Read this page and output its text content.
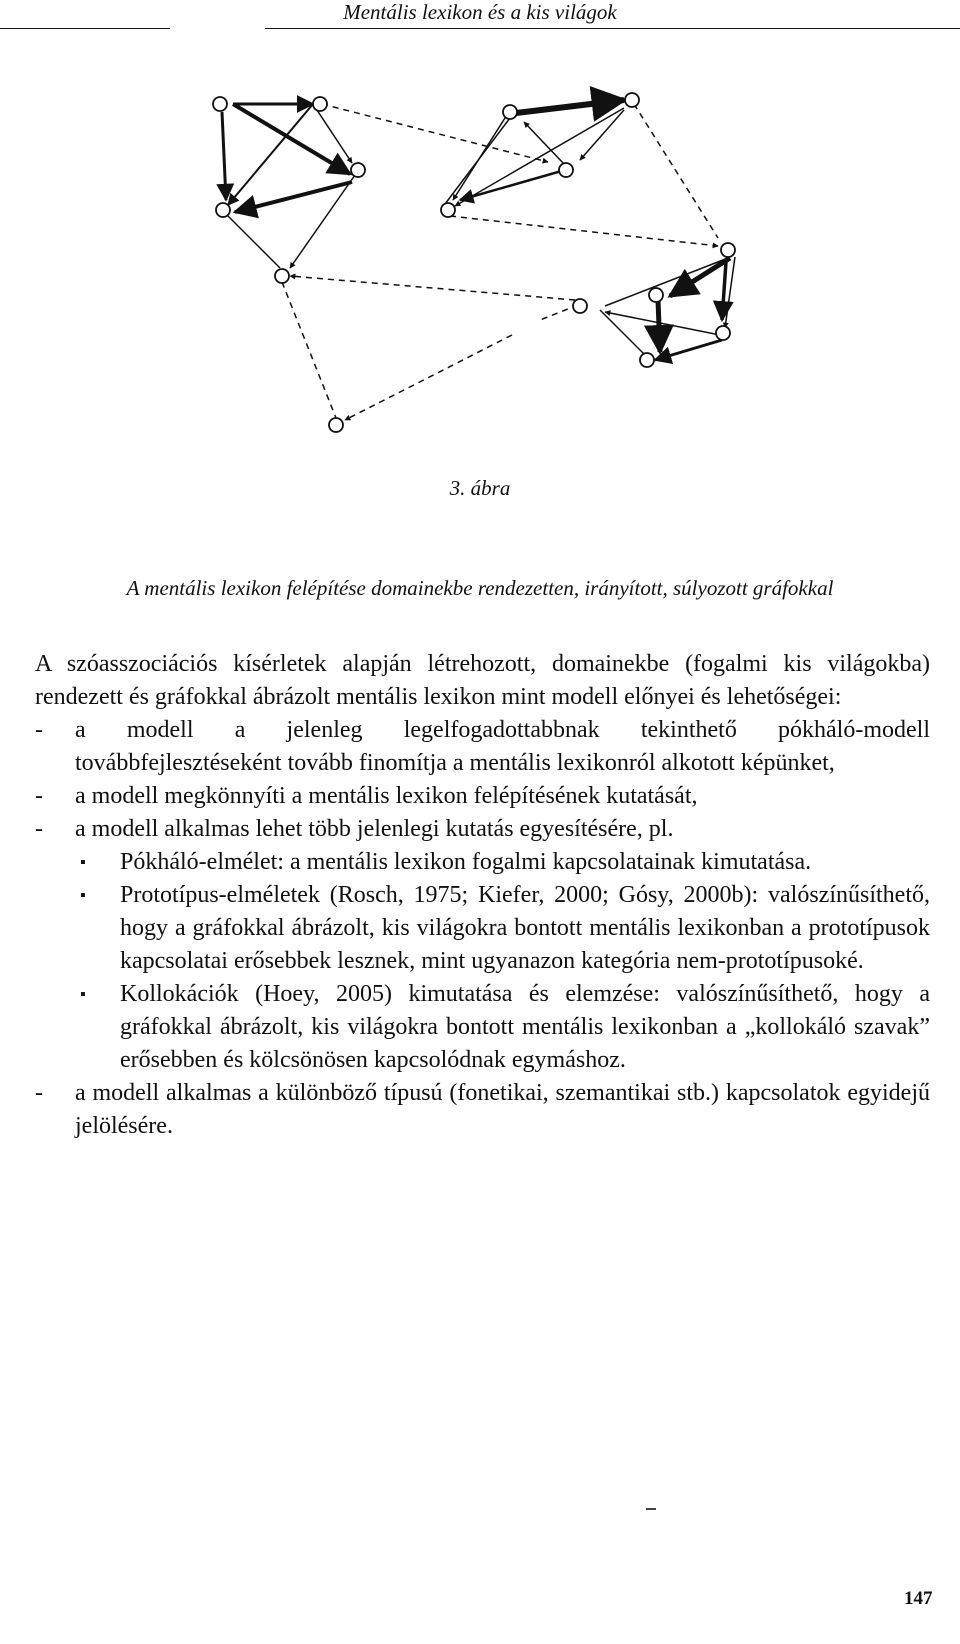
Mentális lexikon és a kis világok
3. ábra
A mentális lexikon felépítése domainekbe rendezetten, irányított, súlyozott gráfokkal

A szóasszociációs kísérletek alapján létrehozott, domainekbe (fogalmi kis világokba) rendezett és gráfokkal ábrázolt mentális lexikon mint modell előnyei és lehetőségei:

- a modell a jelenleg legelfogadottabbnak tekinthető pókháló-modell továbbfejlesztéseként tovább finomítja a mentális lexikonról alkotott képünket,

- a modell megkönnyíti a mentális lexikon felépítésének kutatását,

- a modell alkalmas lehet több jelenlegi kutatás egyesítésére, pl.

▪ Pókháló-elmélet: a mentális lexikon fogalmi kapcsolatainak kimutatása.

▪ Prototípus-elméletek (Rosch, 1975; Kiefer, 2000; Gósy, 2000b): valószínűsíthető, hogy a gráfokkal ábrázolt, kis világokra bontott mentális lexikonban a prototípusok kapcsolatai erősebbek lesznek, mint ugyanazon kategória nem-prototípusoké.

▪ Kollokációk (Hoey, 2005) kimutatása és elemzése: valószínűsíthető, hogy a gráfokkal ábrázolt, kis világokra bontott mentális lexikonban a „kollokáló szavak” erősebben és kölcsönösen kapcsolódnak egymáshoz.

- a modell alkalmas a különböző típusú (fonetikai, szemantikai stb.) kapcsolatok egyidejű jelölésére.

147
